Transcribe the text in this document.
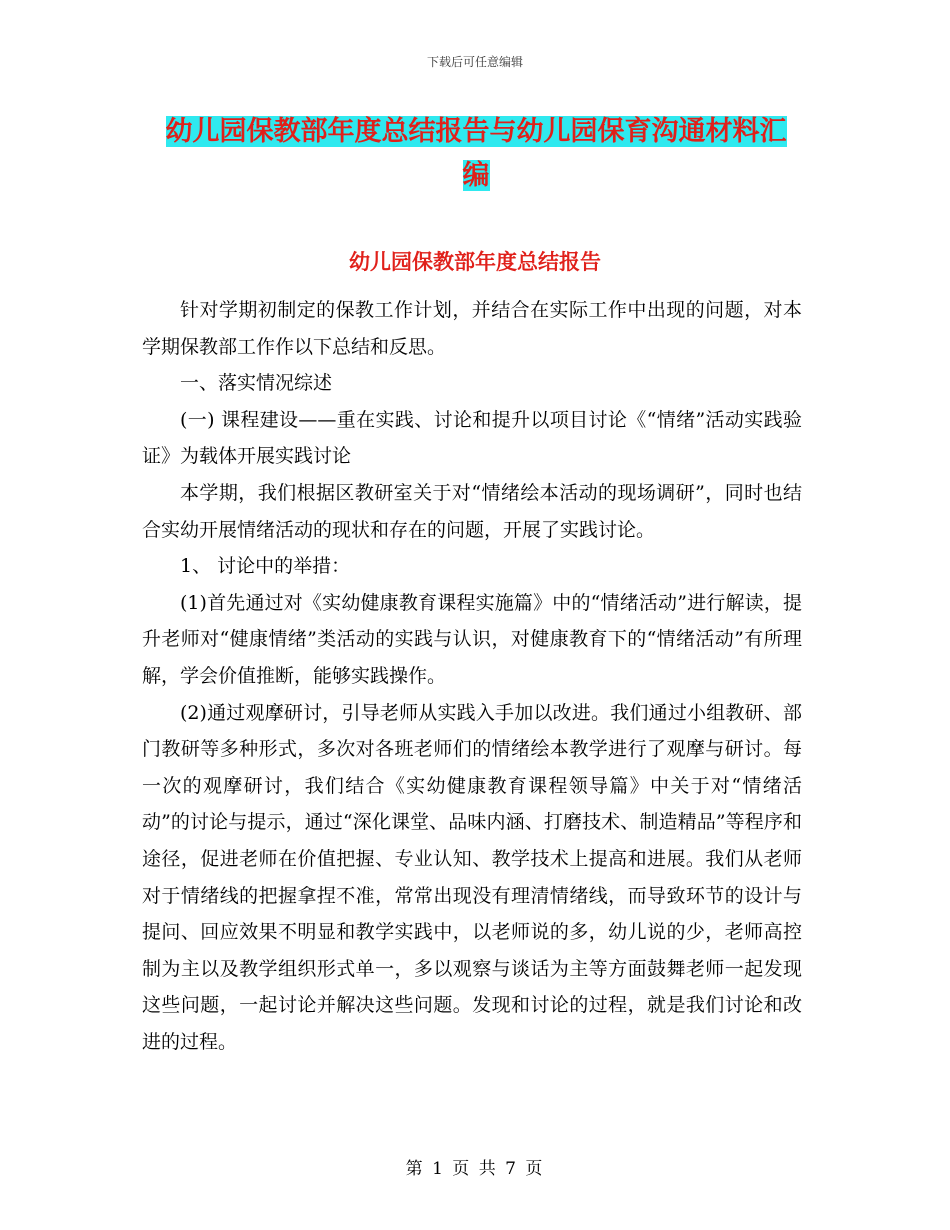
下载后可任意编辑
幼儿园保教部年度总结报告与幼儿园保育沟通材料汇
编
幼儿园保教部年度总结报告

针对学期初制定的保教工作计划，并结合在实际工作中出现的问题，对本学期保教部工作作以下总结和反思。

一、落实情况综述

(一) 课程建设——重在实践、讨论和提升以项目讨论《“情绪”活动实践验证》为载体开展实践讨论

本学期，我们根据区教研室关于对“情绪绘本活动的现场调研”，同时也结合实幼开展情绪活动的现状和存在的问题，开展了实践讨论。

1、 讨论中的举措：

(1)首先通过对《实幼健康教育课程实施篇》中的“情绪活动”进行解读，提升老师对“健康情绪”类活动的实践与认识，对健康教育下的“情绪活动”有所理解，学会价值推断，能够实践操作。

(2)通过观摩研讨，引导老师从实践入手加以改进。我们通过小组教研、部门教研等多种形式，多次对各班老师们的情绪绘本教学进行了观摩与研讨。每一次的观摩研讨，我们结合《实幼健康教育课程领导篇》中关于对“情绪活动”的讨论与提示，通过“深化课堂、品味内涵、打磨技术、制造精品”等程序和途径，促进老师在价值把握、专业认知、教学技术上提高和进展。我们从老师对于情绪线的把握拿捏不准，常常出现没有理清情绪线，而导致环节的设计与提问、回应效果不明显和教学实践中，以老师说的多，幼儿说的少，老师高控制为主以及教学组织形式单一，多以观察与谈话为主等方面鼓舞老师一起发现这些问题，一起讨论并解决这些问题。发现和讨论的过程，就是我们讨论和改进的过程。

第 1 页 共 7 页
